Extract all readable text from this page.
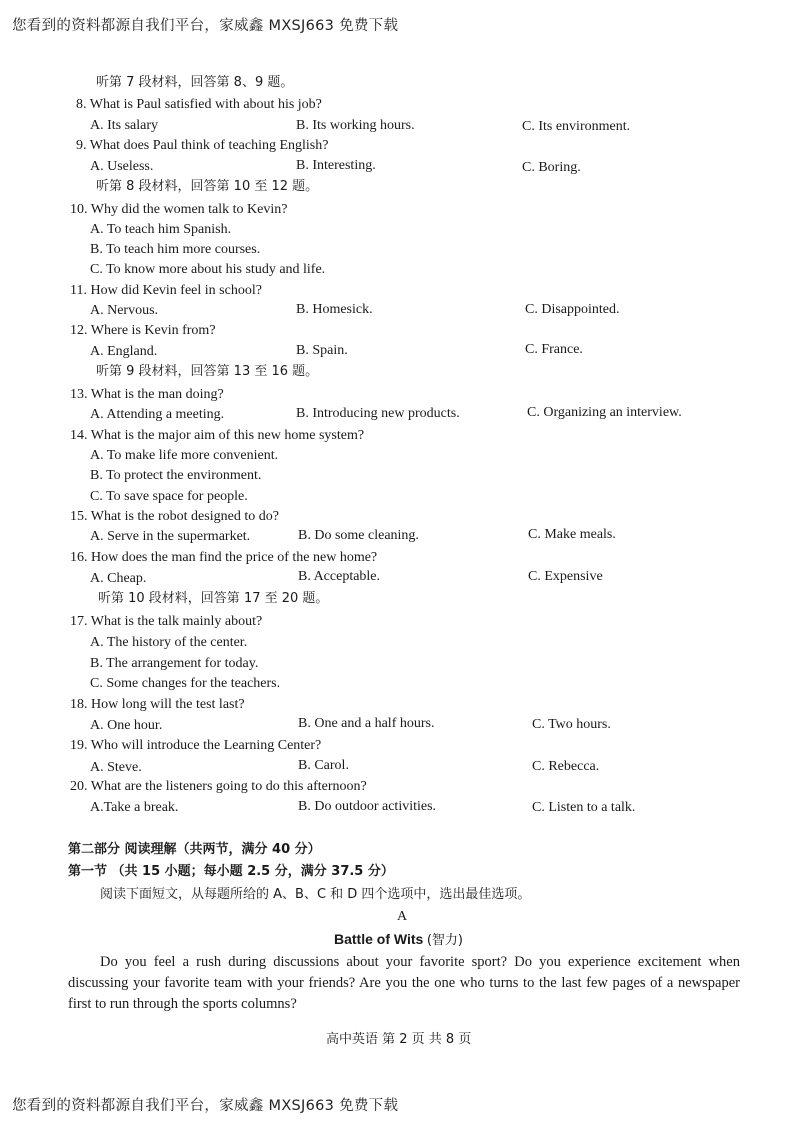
您看到的资料都源自我们平台，家威鑫 MXSJ663 免费下载
听第 7 段材料，回答第 8、9 题。
8. What is Paul satisfied with about his job?
A. Its salary	B. Its working hours.	C. Its environment.
9. What does Paul think of teaching English?
A. Useless.	B. Interesting.	C. Boring.
听第 8 段材料，回答第 10 至 12 题。
10. Why did the women talk to Kevin?
A. To teach him Spanish.
B. To teach him more courses.
C. To know more about his study and life.
11. How did Kevin feel in school?
A. Nervous.	B. Homesick.	C. Disappointed.
12. Where is Kevin from?
A. England.	B. Spain.	C. France.
听第 9 段材料，回答第 13 至 16 题。
13. What is the man doing?
A. Attending a meeting.	B. Introducing new products.	C. Organizing an interview.
14. What is the major aim of this new home system?
A. To make life more convenient.
B. To protect the environment.
C. To save space for people.
15. What is the robot designed to do?
A. Serve in the supermarket.	B. Do some cleaning.	C. Make meals.
16. How does the man find the price of the new home?
A. Cheap.	B. Acceptable.	C. Expensive
听第 10 段材料，回答第 17 至 20 题。
17. What is the talk mainly about?
A. The history of the center.
B. The arrangement for today.
C. Some changes for the teachers.
18. How long will the test last?
A. One hour.	B. One and a half hours.	C. Two hours.
19. Who will introduce the Learning Center?
A. Steve.	B. Carol.	C. Rebecca.
20. What are the listeners going to do this afternoon?
A.Take a break.	B. Do outdoor activities.	C. Listen to a talk.
第二部分 阅读理解（共两节，满分 40 分）
第一节 （共 15 小题；每小题 2.5 分，满分 37.5 分）
阅读下面短文，从每题所给的 A、B、C 和 D 四个选项中，选出最佳选项。
A
Battle of Wits (智力)
Do you feel a rush during discussions about your favorite sport? Do you experience excitement when discussing your favorite team with your friends? Are you the one who turns to the last few pages of a newspaper first to run through the sports columns?
高中英语 第 2 页 共 8 页
您看到的资料都源自我们平台，家威鑫 MXSJ663 免费下载
